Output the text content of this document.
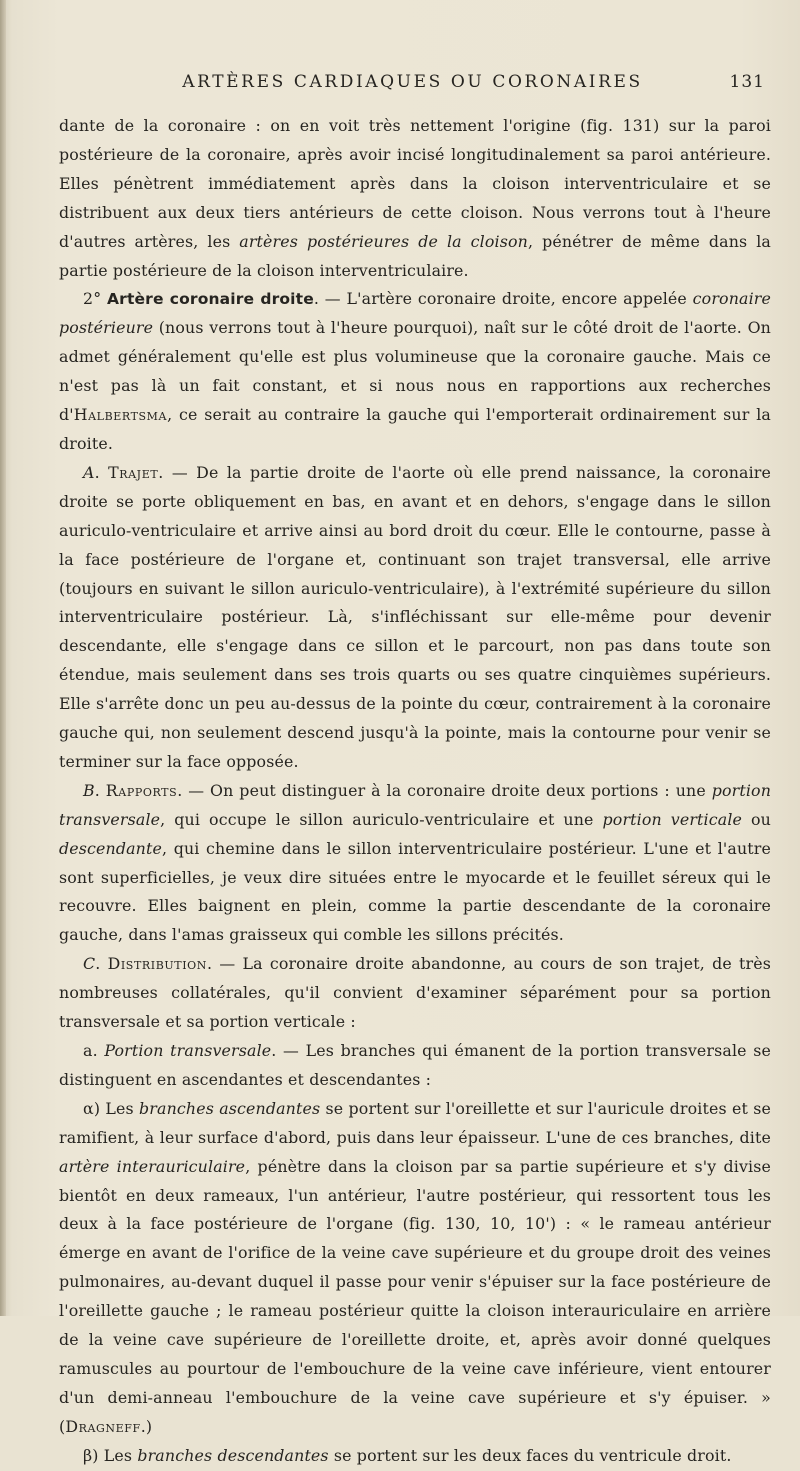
ARTÈRES CARDIAQUES OU CORONAIRES	131

dante de la coronaire : on en voit très nettement l'origine (fig. 131) sur la paroi postérieure de la coronaire, après avoir incisé longitudinalement sa paroi antérieure. Elles pénètrent immédiatement après dans la cloison interventriculaire et se distribuent aux deux tiers antérieurs de cette cloison. Nous verrons tout à l'heure d'autres artères, les artères postérieures de la cloison, pénétrer de même dans la partie postérieure de la cloison interventriculaire.

2° Artère coronaire droite. — L'artère coronaire droite, encore appelée coronaire postérieure (nous verrons tout à l'heure pourquoi), naît sur le côté droit de l'aorte. On admet généralement qu'elle est plus volumineuse que la coronaire gauche. Mais ce n'est pas là un fait constant, et si nous nous en rapportions aux recherches d'Halbertsma, ce serait au contraire la gauche qui l'emporterait ordinairement sur la droite.

A. Trajet. — De la partie droite de l'aorte où elle prend naissance, la coronaire droite se porte obliquement en bas, en avant et en dehors, s'engage dans le sillon auriculo-ventriculaire et arrive ainsi au bord droit du cœur. Elle le contourne, passe à la face postérieure de l'organe et, continuant son trajet transversal, elle arrive (toujours en suivant le sillon auriculo-ventriculaire), à l'extrémité supérieure du sillon interventriculaire postérieur. Là, s'infléchissant sur elle-même pour devenir descendante, elle s'engage dans ce sillon et le parcourt, non pas dans toute son étendue, mais seulement dans ses trois quarts ou ses quatre cinquièmes supérieurs. Elle s'arrête donc un peu au-dessus de la pointe du cœur, contrairement à la coronaire gauche qui, non seulement descend jusqu'à la pointe, mais la contourne pour venir se terminer sur la face opposée.

B. Rapports. — On peut distinguer à la coronaire droite deux portions : une portion transversale, qui occupe le sillon auriculo-ventriculaire et une portion verticale ou descendante, qui chemine dans le sillon interventriculaire postérieur. L'une et l'autre sont superficielles, je veux dire situées entre le myocarde et le feuillet séreux qui le recouvre. Elles baignent en plein, comme la partie descendante de la coronaire gauche, dans l'amas graisseux qui comble les sillons précités.

C. Distribution. — La coronaire droite abandonne, au cours de son trajet, de très nombreuses collatérales, qu'il convient d'examiner séparément pour sa portion transversale et sa portion verticale :

a. Portion transversale. — Les branches qui émanent de la portion transversale se distinguent en ascendantes et descendantes :

α) Les branches ascendantes se portent sur l'oreillette et sur l'auricule droites et se ramifient, à leur surface d'abord, puis dans leur épaisseur. L'une de ces branches, dite artère interauriculaire, pénètre dans la cloison par sa partie supérieure et s'y divise bientôt en deux rameaux, l'un antérieur, l'autre postérieur, qui ressortent tous les deux à la face postérieure de l'organe (fig. 130, 10, 10') : « le rameau antérieur émerge en avant de l'orifice de la veine cave supérieure et du groupe droit des veines pulmonaires, au-devant duquel il passe pour venir s'épuiser sur la face postérieure de l'oreillette gauche ; le rameau postérieur quitte la cloison interauriculaire en arrière de la veine cave supérieure de l'oreillette droite, et, après avoir donné quelques ramuscules au pourtour de l'embouchure de la veine cave inférieure, vient entourer d'un demi-anneau l'embouchure de la veine cave supérieure et s'y épuiser. » (Dragneff.)

β) Les branches descendantes se portent sur les deux faces du ventricule droit.
